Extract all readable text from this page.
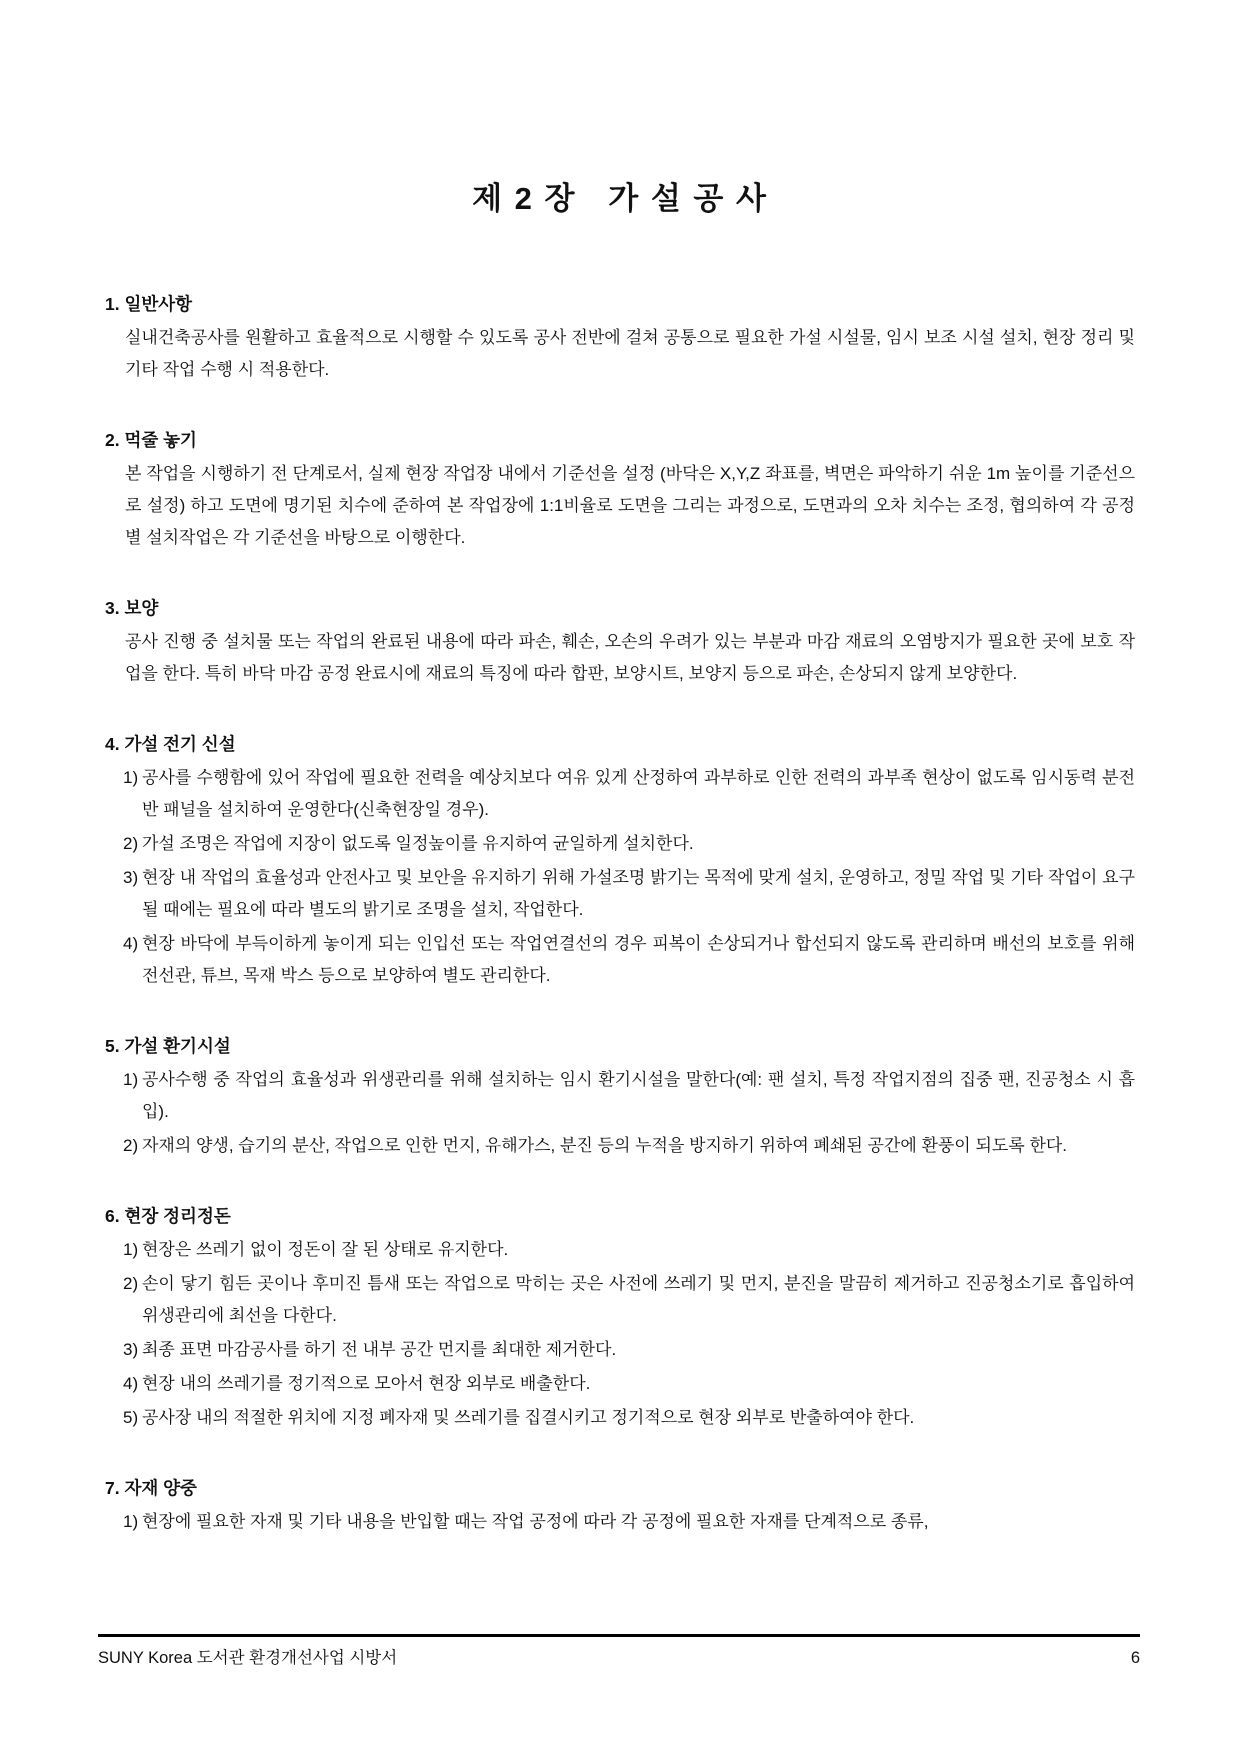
제 2 장   가 설 공 사
1. 일반사항
실내건축공사를 원활하고 효율적으로 시행할 수 있도록 공사 전반에 걸쳐 공통으로 필요한 가설 시설물, 임시 보조 시설 설치, 현장 정리 및 기타 작업 수행 시 적용한다.
2. 먹줄 놓기
본 작업을 시행하기 전 단계로서, 실제 현장 작업장 내에서 기준선을 설정 (바닥은 X,Y,Z 좌표를, 벽면은 파악하기 쉬운 1m 높이를 기준선으로 설정) 하고 도면에 명기된 치수에 준하여 본 작업장에 1:1비율로 도면을 그리는 과정으로, 도면과의 오차 치수는 조정, 협의하여 각 공정별 설치작업은 각 기준선을 바탕으로 이행한다.
3. 보양
공사 진행 중 설치물 또는 작업의 완료된 내용에 따라 파손, 훼손, 오손의 우려가 있는 부분과 마감 재료의 오염방지가 필요한 곳에 보호 작업을 한다. 특히 바닥 마감 공정 완료시에 재료의 특징에 따라 합판, 보양시트, 보양지 등으로 파손, 손상되지 않게 보양한다.
4. 가설 전기 신설
1) 공사를 수행함에 있어 작업에 필요한 전력을 예상치보다 여유 있게 산정하여 과부하로 인한 전력의 과부족 현상이 없도록 임시동력 분전반 패널을 설치하여 운영한다(신축현장일 경우).
2) 가설 조명은 작업에 지장이 없도록 일정높이를 유지하여 균일하게 설치한다.
3) 현장 내 작업의 효율성과 안전사고 및 보안을 유지하기 위해 가설조명 밝기는 목적에 맞게 설치, 운영하고, 정밀 작업 및 기타 작업이 요구될 때에는 필요에 따라 별도의 밝기로 조명을 설치, 작업한다.
4) 현장 바닥에 부득이하게 놓이게 되는 인입선 또는 작업연결선의 경우 피복이 손상되거나 합선되지 않도록 관리하며 배선의 보호를 위해 전선관, 튜브, 목재 박스 등으로 보양하여 별도 관리한다.
5. 가설 환기시설
1) 공사수행 중 작업의 효율성과 위생관리를 위해 설치하는 임시 환기시설을 말한다(예: 팬 설치, 특정 작업지점의 집중 팬, 진공청소 시 흡입).
2) 자재의 양생, 습기의 분산, 작업으로 인한 먼지, 유해가스, 분진 등의 누적을 방지하기 위하여 폐쇄된 공간에 환풍이 되도록 한다.
6. 현장 정리정돈
1) 현장은 쓰레기 없이 정돈이 잘 된 상태로 유지한다.
2) 손이 닿기 힘든 곳이나 후미진 틈새 또는 작업으로 막히는 곳은 사전에 쓰레기 및 먼지, 분진을 말끔히 제거하고 진공청소기로 흡입하여 위생관리에 최선을 다한다.
3) 최종 표면 마감공사를 하기 전 내부 공간 먼지를 최대한 제거한다.
4) 현장 내의 쓰레기를 정기적으로 모아서 현장 외부로 배출한다.
5) 공사장 내의 적절한 위치에 지정 폐자재 및 쓰레기를 집결시키고 정기적으로 현장 외부로 반출하여야 한다.
7. 자재 양중
1) 현장에 필요한 자재 및 기타 내용을 반입할 때는 작업 공정에 따라 각 공정에 필요한 자재를 단계적으로 종류,
SUNY Korea 도서관 환경개선사업 시방서	6
